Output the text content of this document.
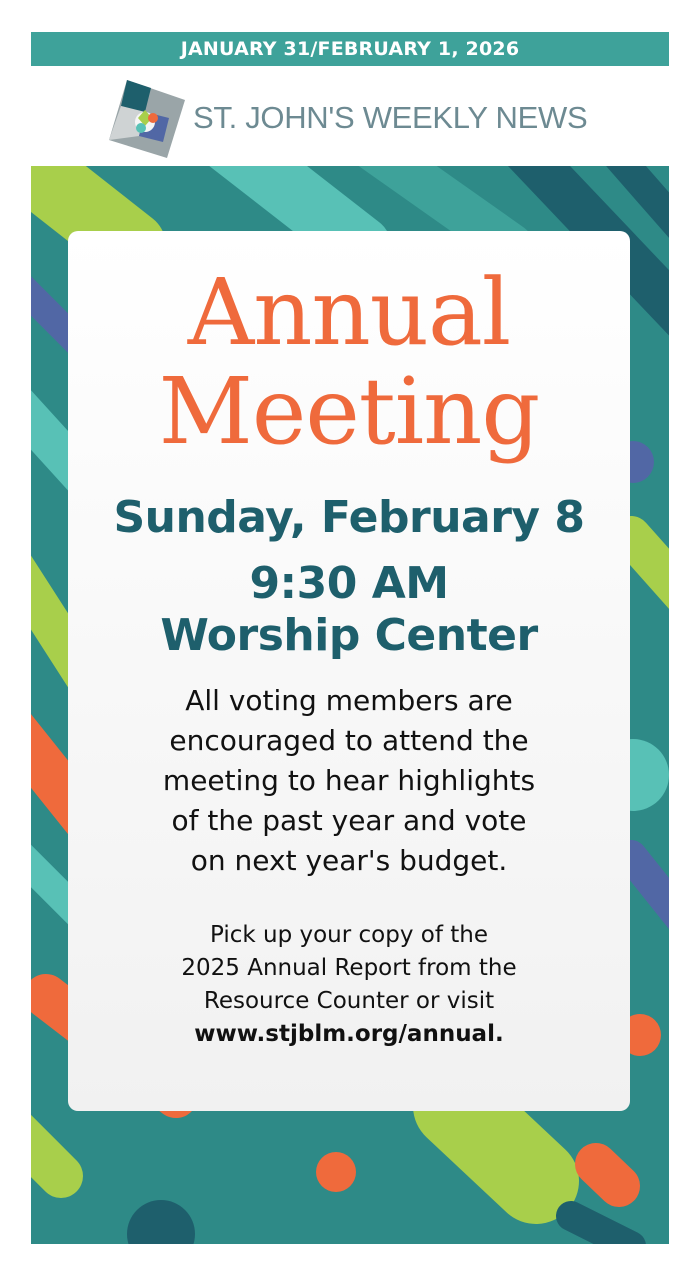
JANUARY 31/FEBRUARY 1, 2026
ST. JOHN'S WEEKLY NEWS
Annual
Meeting
Sunday, February 8
9:30 AM
Worship Center
All voting members are
encouraged to attend the
meeting to hear highlights
of the past year and vote
on next year's budget.
Pick up your copy of the
2025 Annual Report from the
Resource Counter or visit
www.stjblm.org/annual.
